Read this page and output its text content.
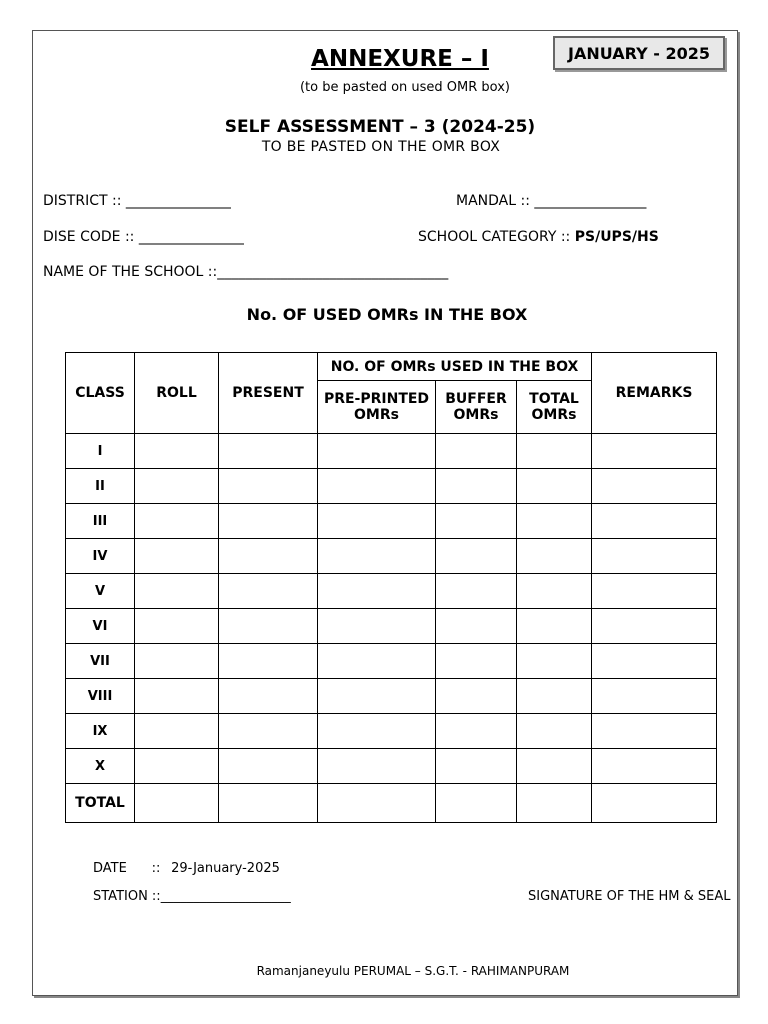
ANNEXURE – I
(to be pasted on used OMR box)
JANUARY - 2025
SELF ASSESSMENT – 3 (2024-25)
TO BE PASTED ON THE OMR BOX
DISTRICT :: _______________	MANDAL :: ________________
DISE CODE :: _______________	SCHOOL CATEGORY :: PS/UPS/HS
NAME OF THE SCHOOL ::_________________________________
No. OF USED OMRs IN THE BOX
CLASS	ROLL	PRESENT	NO. OF OMRs USED IN THE BOX			REMARKS
			PRE-PRINTED OMRs	BUFFER OMRs	TOTAL OMRs	
I						
II						
III						
IV						
V						
VI						
VII						
VIII						
IX						
X						
TOTAL						
DATE :: 29-January-2025
STATION ::____________________	SIGNATURE OF THE HM & SEAL
Ramanjaneyulu PERUMAL – S.G.T. - RAHIMANPURAM
